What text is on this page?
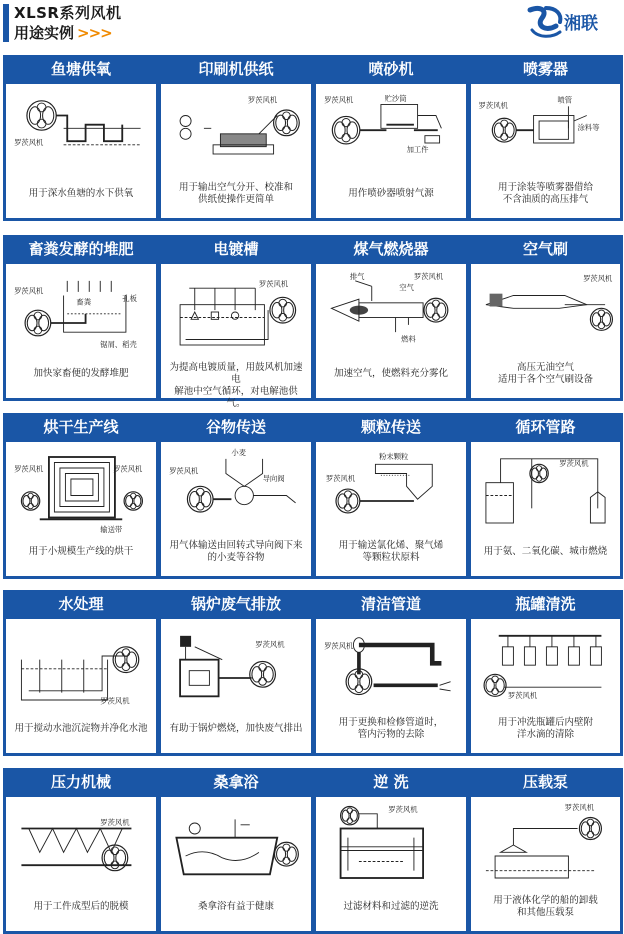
XLSR系列风机
用途实例 >>>	湘联
鱼塘供氧
罗茨风机
用于深水鱼塘的水下供氧
印刷机供纸
罗茨风机
用于输出空气分开、校准和
供纸使操作更简单
喷砂机
罗茨风机	贮沙筒
加工件
用作喷砂器喷射气源
喷雾器
罗茨风机
喷管
涂料等
用于涂装等喷雾器借给
不含油质的高压排气
畜粪发酵的堆肥
罗茨风机
畜粪	孔板
锯屑、稻壳
加快家畜便的发酵堆肥
电镀槽
罗茨风机
为提高电镀质量，用鼓风机加速电
解池中空气循环，对电解池供气。
煤气燃烧器
排气
空气
罗茨风机
燃料
加速空气，使燃料充分雾化
空气刷
罗茨风机
高压无油空气
适用于各个空气刷设备
烘干生产线
罗茨风机	罗茨风机
输送带
用于小规模生产线的烘干
谷物传送
小麦
罗茨风机
导向阀
用气体输送由回转式导向阀下来
的小麦等谷物
颗粒传送
罗茨风机
粉末颗粒
用于输送氯化烯、聚气烯
等颗粒状原料
循环管路
罗茨风机
用于氨、二氧化碳、城市燃烧
水处理
罗茨风机
用于搅动水池沉淀物并净化水池
锅炉废气排放
罗茨风机
有助于锅炉燃烧，加快废气排出
清洁管道
罗茨风机
用于更换和检修管道时，
管内污物的去除
瓶罐清洗
罗茨风机
用于冲洗瓶罐后内壁附
洋水滴的清除
压力机械
罗茨风机
用于工件成型后的脱模
桑拿浴
桑拿浴有益于健康
逆 洗
罗茨风机
过滤材料和过滤的逆洗
压载泵
罗茨风机
用于液体化学的船的卸载
和其他压载泵
